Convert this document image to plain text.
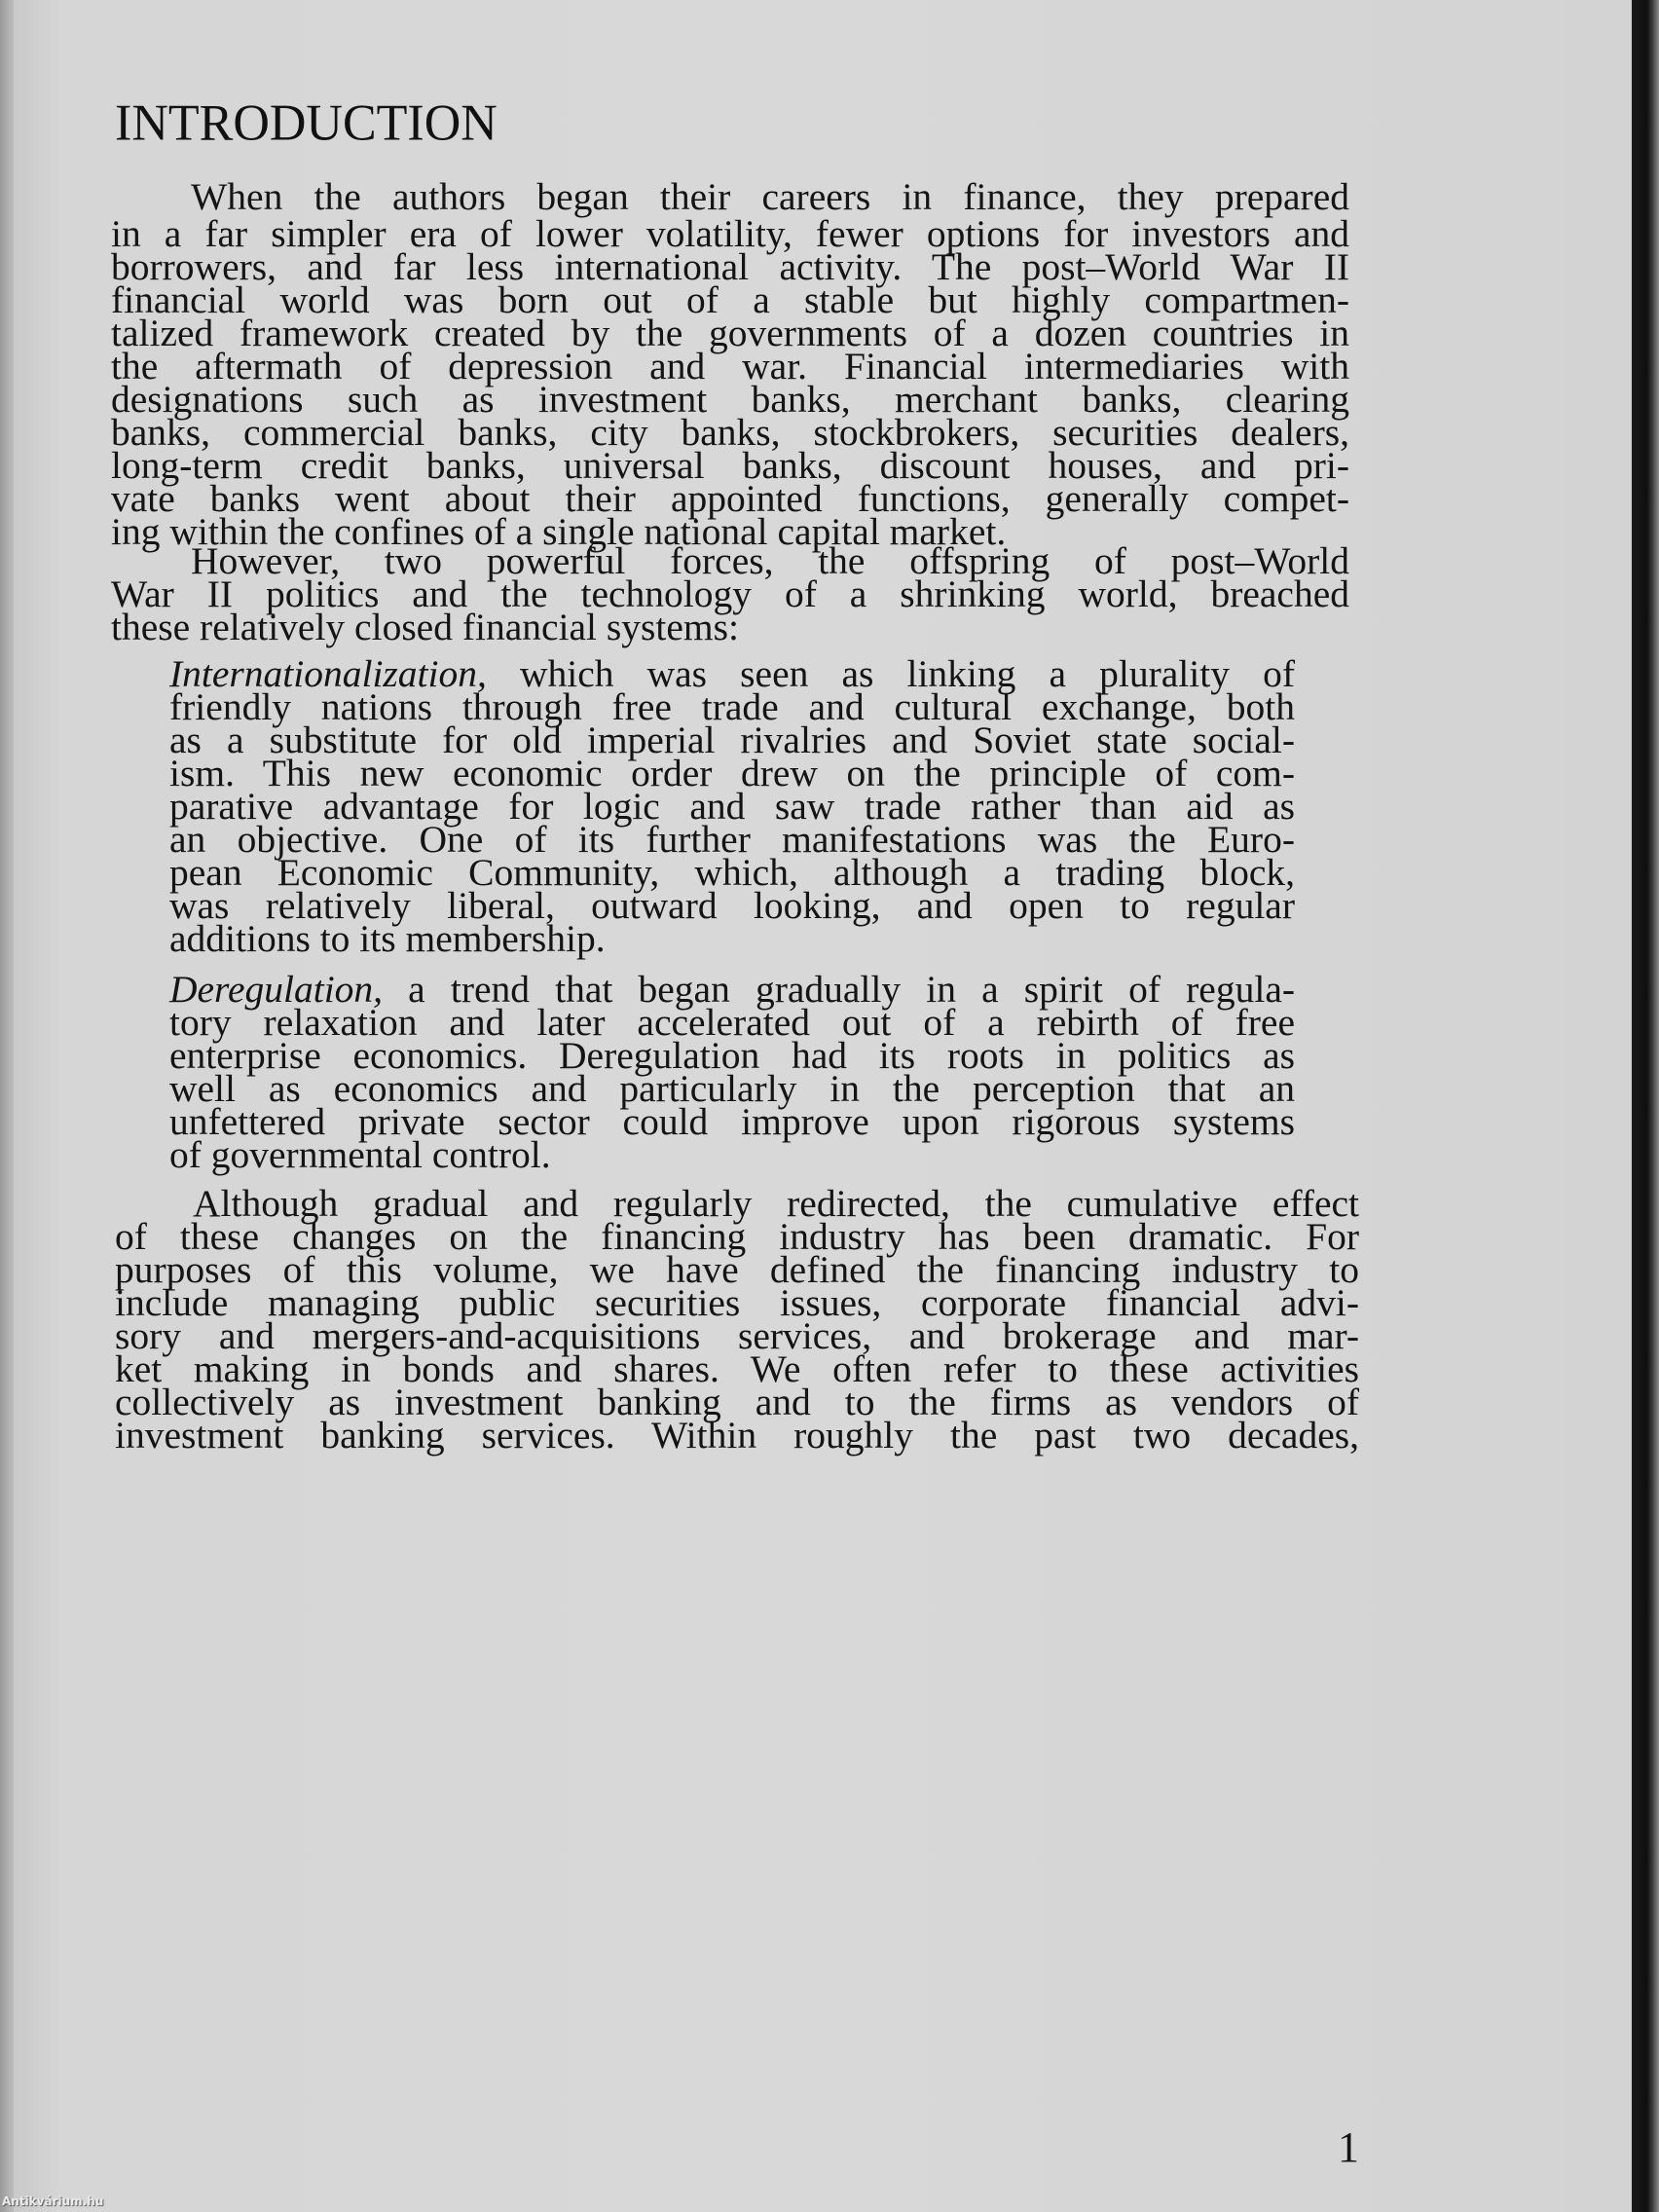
INTRODUCTION
When the authors began their careers in finance, they prepared
in a far simpler era of lower volatility, fewer options for investors and
borrowers, and far less international activity. The post–World War II
financial world was born out of a stable but highly compartmen-
talized framework created by the governments of a dozen countries in
the aftermath of depression and war. Financial intermediaries with
designations such as investment banks, merchant banks, clearing
banks, commercial banks, city banks, stockbrokers, securities dealers,
long-term credit banks, universal banks, discount houses, and pri-
vate banks went about their appointed functions, generally compet-
ing within the confines of a single national capital market.
However, two powerful forces, the offspring of post–World
War II politics and the technology of a shrinking world, breached
these relatively closed financial systems:
Internationalization, which was seen as linking a plurality of
friendly nations through free trade and cultural exchange, both
as a substitute for old imperial rivalries and Soviet state social-
ism. This new economic order drew on the principle of com-
parative advantage for logic and saw trade rather than aid as
an objective. One of its further manifestations was the Euro-
pean Economic Community, which, although a trading block,
was relatively liberal, outward looking, and open to regular
additions to its membership.
Deregulation, a trend that began gradually in a spirit of regula-
tory relaxation and later accelerated out of a rebirth of free
enterprise economics. Deregulation had its roots in politics as
well as economics and particularly in the perception that an
unfettered private sector could improve upon rigorous systems
of governmental control.
Although gradual and regularly redirected, the cumulative effect
of these changes on the financing industry has been dramatic. For
purposes of this volume, we have defined the financing industry to
include managing public securities issues, corporate financial advi-
sory and mergers-and-acquisitions services, and brokerage and mar-
ket making in bonds and shares. We often refer to these activities
collectively as investment banking and to the firms as vendors of
investment banking services. Within roughly the past two decades,
1
Antikvárium.hu
